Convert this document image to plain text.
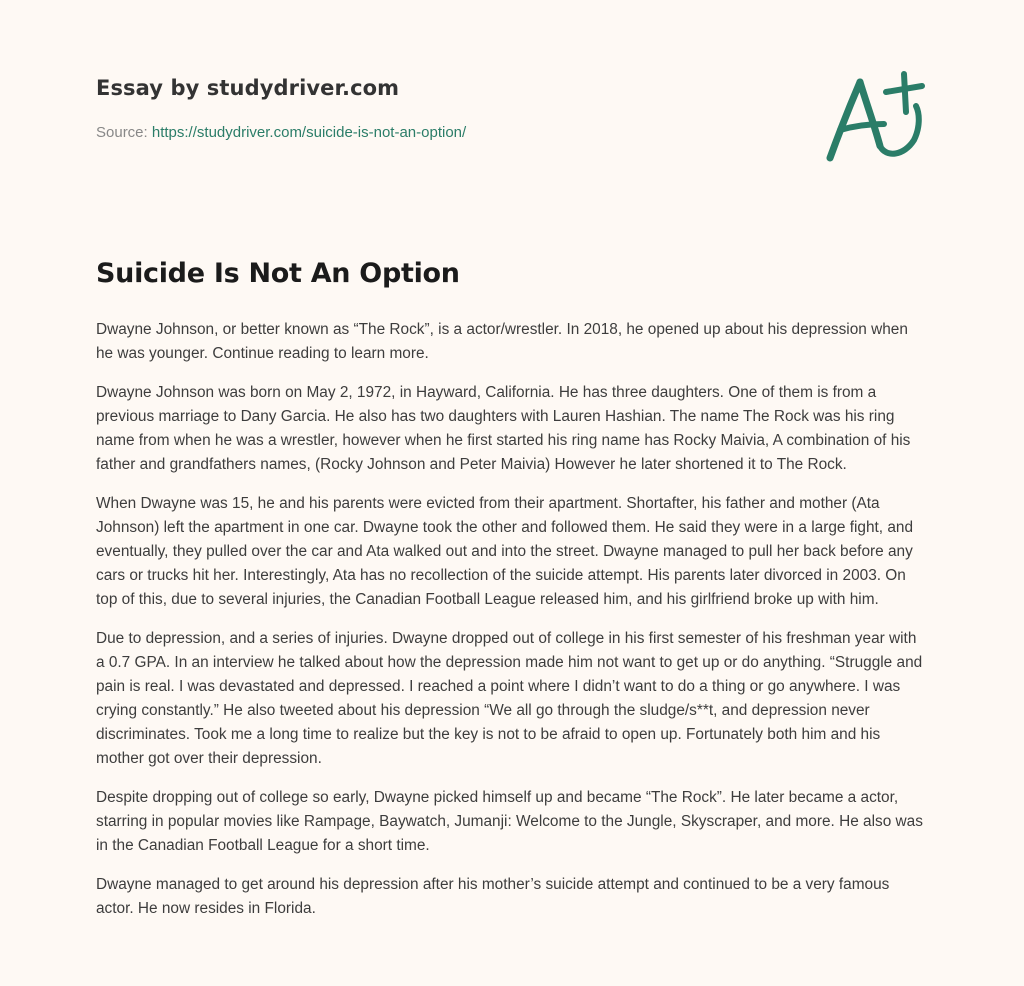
Essay by studydriver.com
Source: https://studydriver.com/suicide-is-not-an-option/
Suicide Is Not An Option

Dwayne Johnson, or better known as “The Rock”, is a actor/wrestler. In 2018, he opened up about his depression when he was younger. Continue reading to learn more.

Dwayne Johnson was born on May 2, 1972, in Hayward, California. He has three daughters. One of them is from a previous marriage to Dany Garcia. He also has two daughters with Lauren Hashian. The name The Rock was his ring name from when he was a wrestler, however when he first started his ring name has Rocky Maivia, A combination of his father and grandfathers names, (Rocky Johnson and Peter Maivia) However he later shortened it to The Rock.

When Dwayne was 15, he and his parents were evicted from their apartment. Shortafter, his father and mother (Ata Johnson) left the apartment in one car. Dwayne took the other and followed them. He said they were in a large fight, and eventually, they pulled over the car and Ata walked out and into the street. Dwayne managed to pull her back before any cars or trucks hit her. Interestingly, Ata has no recollection of the suicide attempt. His parents later divorced in 2003. On top of this, due to several injuries, the Canadian Football League released him, and his girlfriend broke up with him.

Due to depression, and a series of injuries. Dwayne dropped out of college in his first semester of his freshman year with a 0.7 GPA. In an interview he talked about how the depression made him not want to get up or do anything. “Struggle and pain is real. I was devastated and depressed. I reached a point where I didn’t want to do a thing or go anywhere. I was crying constantly.” He also tweeted about his depression “We all go through the sludge/s**t, and depression never discriminates. Took me a long time to realize but the key is not to be afraid to open up. Fortunately both him and his mother got over their depression.

Despite dropping out of college so early, Dwayne picked himself up and became “The Rock”. He later became a actor, starring in popular movies like Rampage, Baywatch, Jumanji: Welcome to the Jungle, Skyscraper, and more. He also was in the Canadian Football League for a short time.

Dwayne managed to get around his depression after his mother’s suicide attempt and continued to be a very famous actor. He now resides in Florida.
